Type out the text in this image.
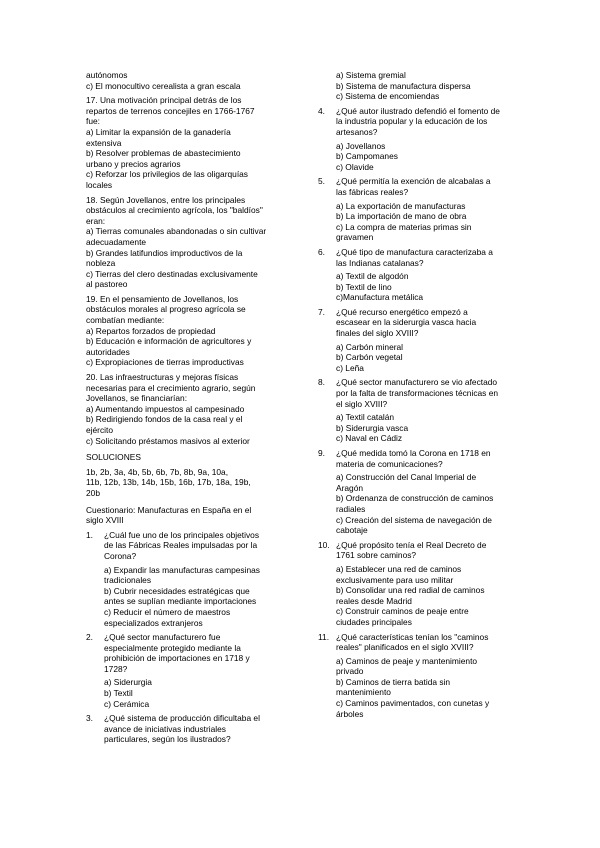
autónomos
c) El monocultivo cerealista a gran escala
17. Una motivación principal detrás de los
repartos de terrenos concejiles en 1766-1767
fue:
a) Limitar la expansión de la ganadería
extensiva
b) Resolver problemas de abastecimiento
urbano y precios agrarios
c) Reforzar los privilegios de las oligarquías
locales
18. Según Jovellanos, entre los principales
obstáculos al crecimiento agrícola, los "baldíos"
eran:
a) Tierras comunales abandonadas o sin cultivar
adecuadamente
b) Grandes latifundios improductivos de la
nobleza
c) Tierras del clero destinadas exclusivamente
al pastoreo
19. En el pensamiento de Jovellanos, los
obstáculos morales al progreso agrícola se
combatían mediante:
a) Repartos forzados de propiedad
b) Educación e información de agricultores y
autoridades
c) Expropiaciones de tierras improductivas
20. Las infraestructuras y mejoras físicas
necesarias para el crecimiento agrario, según
Jovellanos, se financiarían:
a) Aumentando impuestos al campesinado
b) Redirigiendo fondos de la casa real y el
ejército
c) Solicitando préstamos masivos al exterior
SOLUCIONES
1b, 2b, 3a, 4b, 5b, 6b, 7b, 8b, 9a, 10a,
11b, 12b, 13b, 14b, 15b, 16b, 17b, 18a, 19b,
20b
Cuestionario: Manufacturas en España en el
siglo XVIII
1.	¿Cuál fue uno de los principales objetivos
de las Fábricas Reales impulsadas por la
Corona?
a) Expandir las manufacturas campesinas
tradicionales
b) Cubrir necesidades estratégicas que
antes se suplían mediante importaciones
c) Reducir el número de maestros
especializados extranjeros
2.	¿Qué sector manufacturero fue
especialmente protegido mediante la
prohibición de importaciones en 1718 y
1728?
a) Siderurgia
b) Textil
c) Cerámica
3.	¿Qué sistema de producción dificultaba el
avance de iniciativas industriales
particulares, según los ilustrados?
a) Sistema gremial
b) Sistema de manufactura dispersa
c) Sistema de encomiendas
4.	¿Qué autor ilustrado defendió el fomento de
la industria popular y la educación de los
artesanos?
a) Jovellanos
b) Campomanes
c) Olavide
5.	¿Qué permitía la exención de alcabalas a
las fábricas reales?
a) La exportación de manufacturas
b) La importación de mano de obra
c) La compra de materias primas sin
gravamen
6.	¿Qué tipo de manufactura caracterizaba a
las Indianas catalanas?
a) Textil de algodón
b) Textil de lino
c)Manufactura metálica
7.	¿Qué recurso energético empezó a
escasear en la siderurgia vasca hacia
finales del siglo XVIII?
a) Carbón mineral
b) Carbón vegetal
c) Leña
8.	¿Qué sector manufacturero se vio afectado
por la falta de transformaciones técnicas en
el siglo XVIII?
a) Textil catalán
b) Siderurgia vasca
c) Naval en Cádiz
9.	¿Qué medida tomó la Corona en 1718 en
materia de comunicaciones?
a) Construcción del Canal Imperial de
Aragón
b) Ordenanza de construcción de caminos
radiales
c) Creación del sistema de navegación de
cabotaje
10. ¿Qué propósito tenía el Real Decreto de
1761 sobre caminos?
a) Establecer una red de caminos
exclusivamente para uso militar
b) Consolidar una red radial de caminos
reales desde Madrid
c) Construir caminos de peaje entre
ciudades principales
11. ¿Qué características tenían los "caminos
reales" planificados en el siglo XVIII?
a) Caminos de peaje y mantenimiento
privado
b) Caminos de tierra batida sin
mantenimiento
c) Caminos pavimentados, con cunetas y
árboles
